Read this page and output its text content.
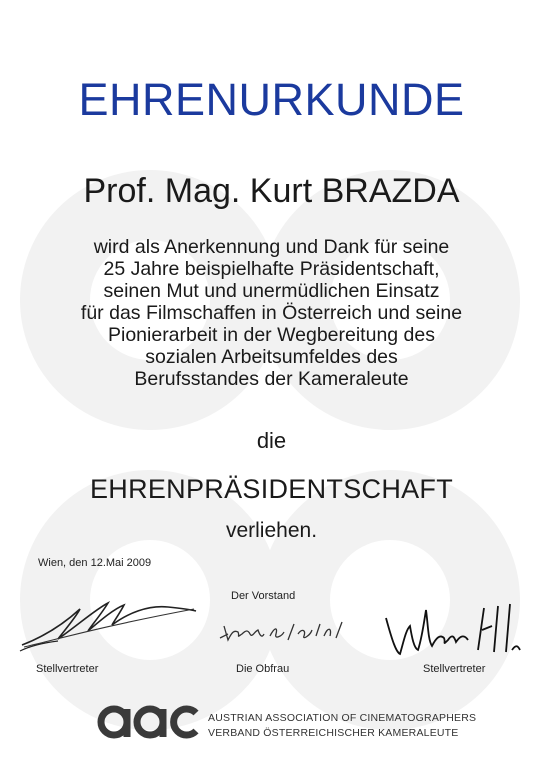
EHRENURKUNDE
Prof. Mag. Kurt BRAZDA
wird als Anerkennung und Dank für seine
25 Jahre beispielhafte Präsidentschaft,
seinen Mut und unermüdlichen Einsatz
für das Filmschaffen in Österreich und seine
Pionierarbeit in der Wegbereitung des
sozialen Arbeitsumfeldes des
Berufsstandes der Kameraleute
die
EHRENPRÄSIDENTSCHAFT
verliehen.
Wien, den 12.Mai 2009
Der Vorstand
Stellvertreter	Die Obfrau	Stellvertreter
AUSTRIAN ASSOCIATION OF CINEMATOGRAPHERS
VERBAND ÖSTERREICHISCHER KAMERALEUTE
